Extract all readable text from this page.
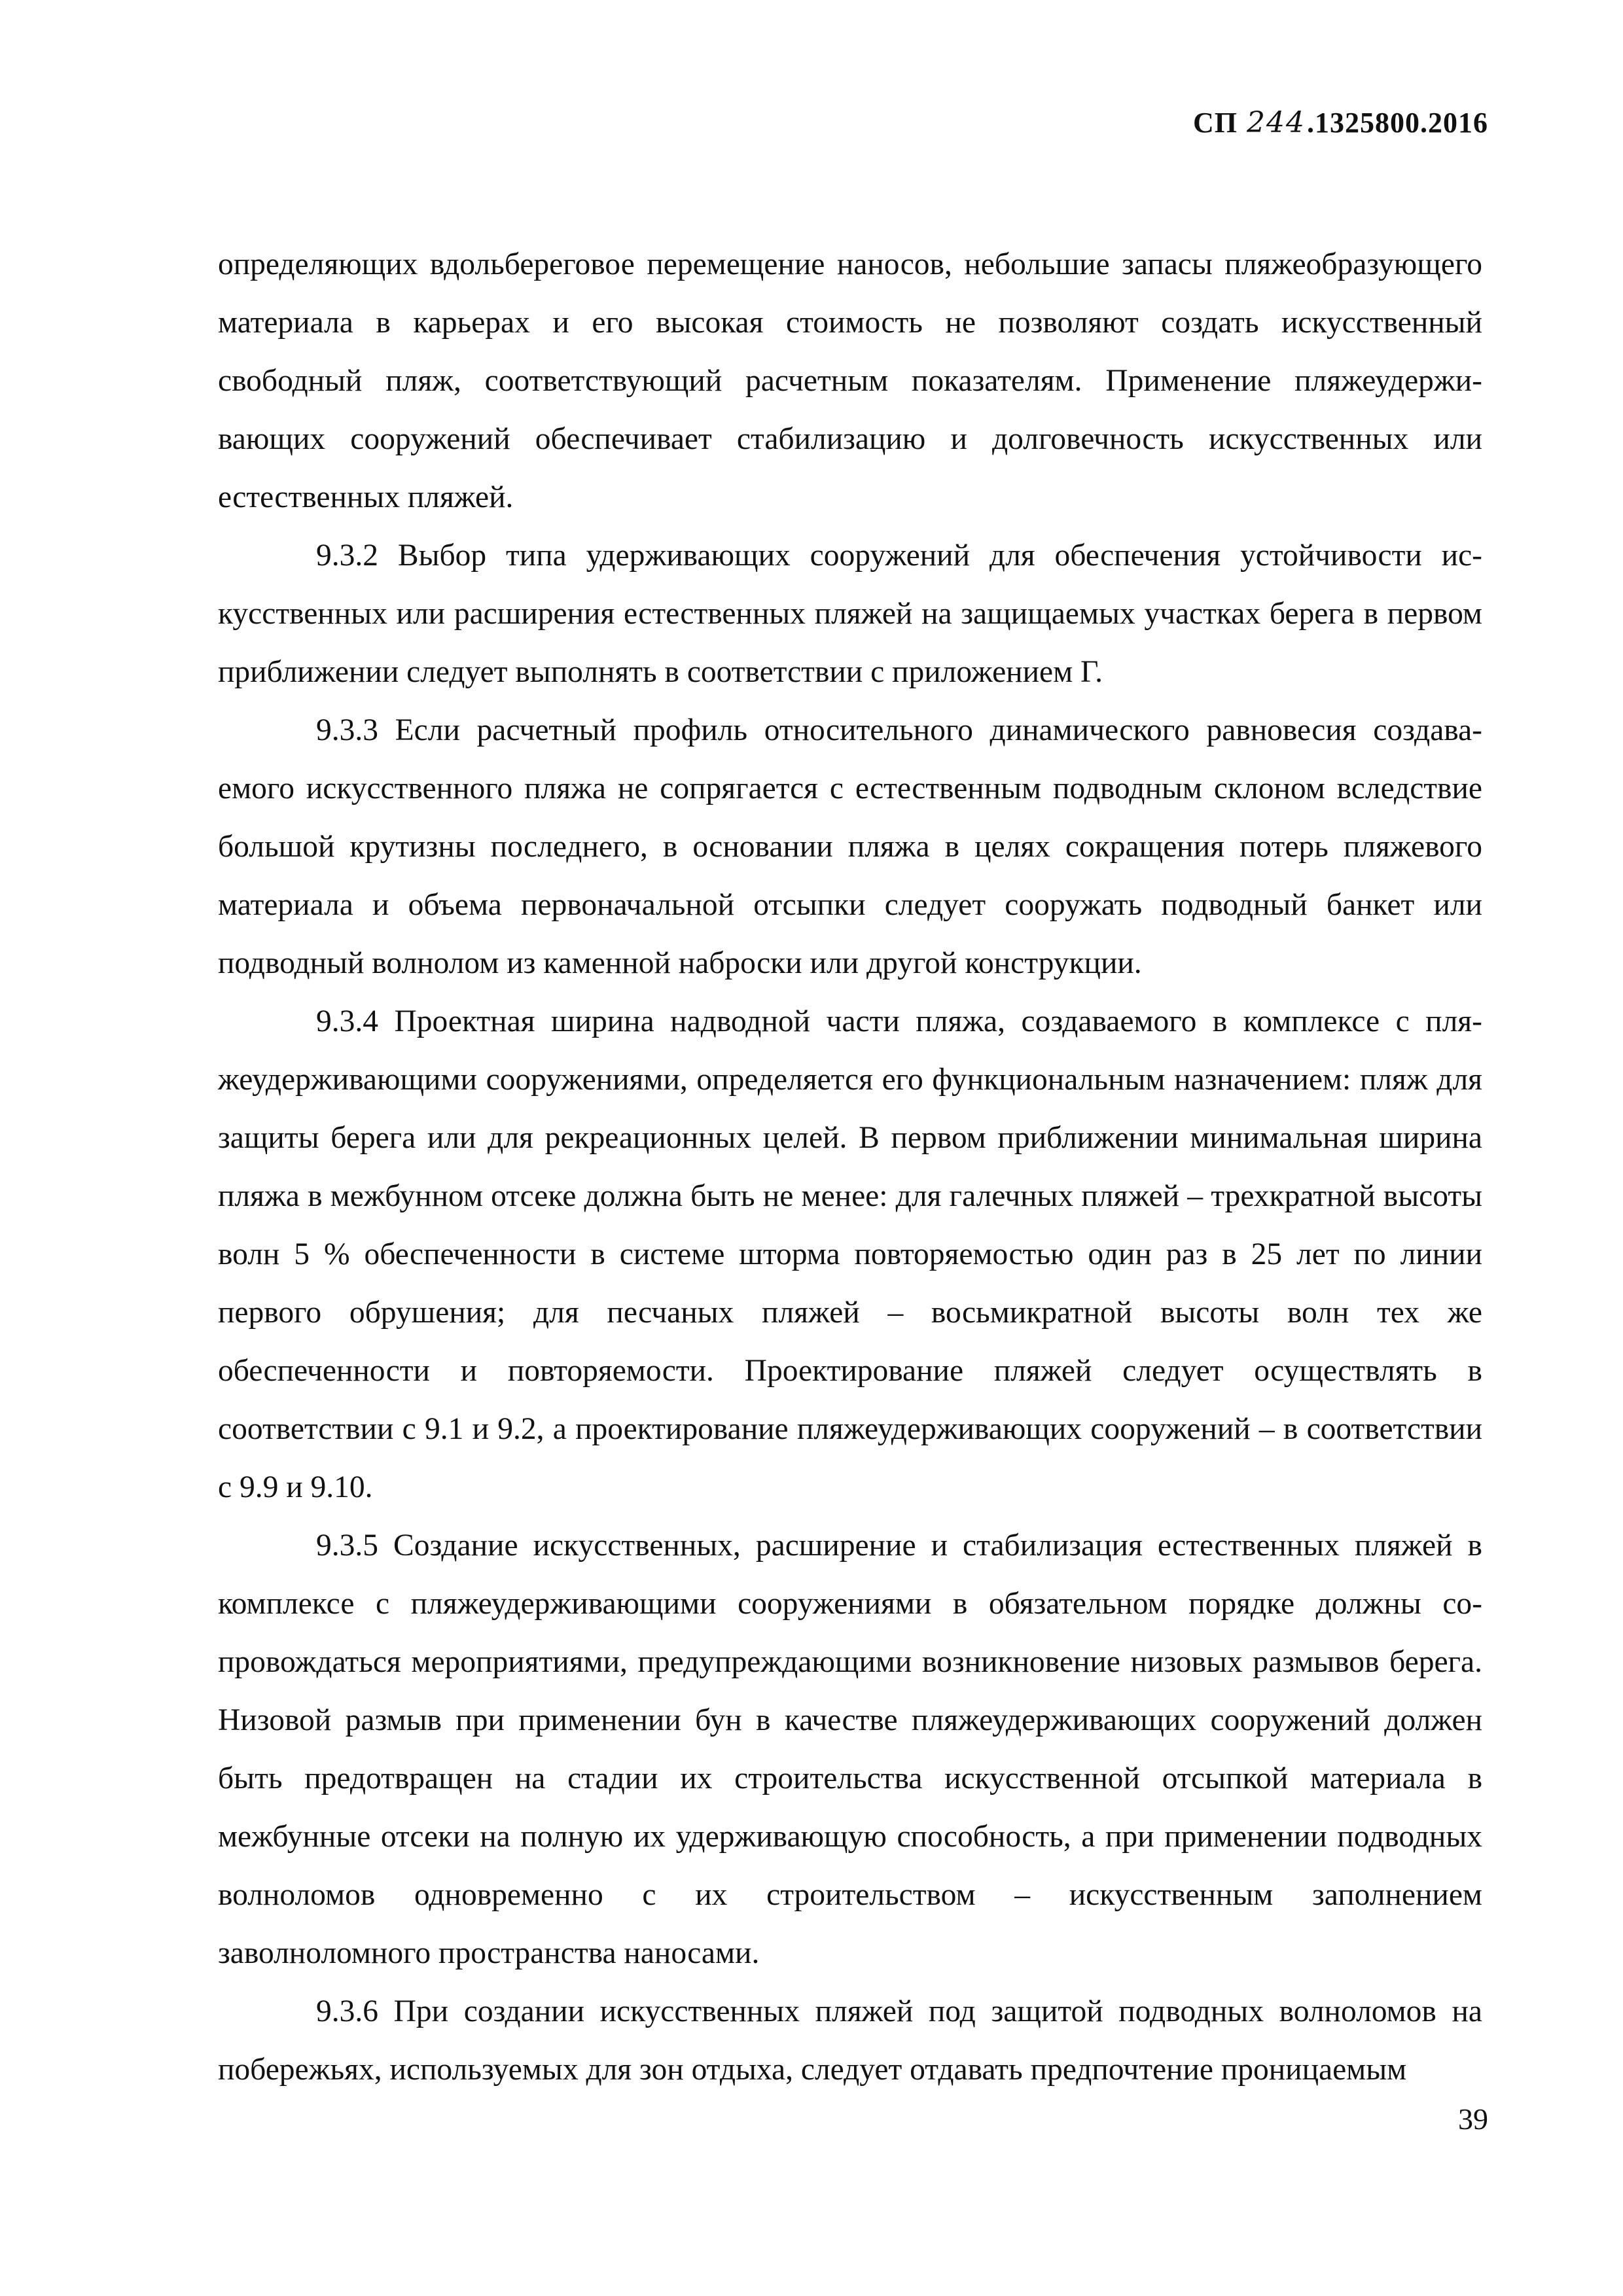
СП 244.1325800.2016

определяющих вдольбереговое перемещение наносов, небольшие запасы пляжеобразующего материала в карьерах и его высокая стоимость не позволяют создать искусственный свободный пляж, соответствующий расчетным показателям. Применение пляжеудерживающих сооружений обеспечивает стабилизацию и долговечность искусственных или естественных пляжей.

9.3.2 Выбор типа удерживающих сооружений для обеспечения устойчивости искусственных или расширения естественных пляжей на защищаемых участках берега в первом приближении следует выполнять в соответствии с приложением Г.

9.3.3 Если расчетный профиль относительного динамического равновесия создаваемого искусственного пляжа не сопрягается с естественным подводным склоном вследствие большой крутизны последнего, в основании пляжа в целях сокращения потерь пляжевого материала и объема первоначальной отсыпки следует сооружать подводный банкет или подводный волнолом из каменной наброски или другой конструкции.

9.3.4 Проектная ширина надводной части пляжа, создаваемого в комплексе с пляжеудерживающими сооружениями, определяется его функциональным назначением: пляж для защиты берега или для рекреационных целей. В первом приближении минимальная ширина пляжа в межбунном отсеке должна быть не менее: для галечных пляжей – трехкратной высоты волн 5 % обеспеченности в системе шторма повторяемостью один раз в 25 лет по линии первого обрушения; для песчаных пляжей – восьмикратной высоты волн тех же обеспеченности и повторяемости. Проектирование пляжей следует осуществлять в соответствии с 9.1 и 9.2, а проектирование пляжеудерживающих сооружений – в соответствии с 9.9 и 9.10.

9.3.5 Создание искусственных, расширение и стабилизация естественных пляжей в комплексе с пляжеудерживающими сооружениями в обязательном порядке должны сопровождаться мероприятиями, предупреждающими возникновение низовых размывов берега. Низовой размыв при применении бун в качестве пляжеудерживающих сооружений должен быть предотвращен на стадии их строительства искусственной отсыпкой материала в межбунные отсеки на полную их удерживающую способность, а при применении подводных волноломов одновременно с их строительством – искусственным заполнением заволноломного пространства наносами.

9.3.6 При создании искусственных пляжей под защитой подводных волноломов на побережьях, используемых для зон отдыха, следует отдавать предпочтение проницаемым

39
